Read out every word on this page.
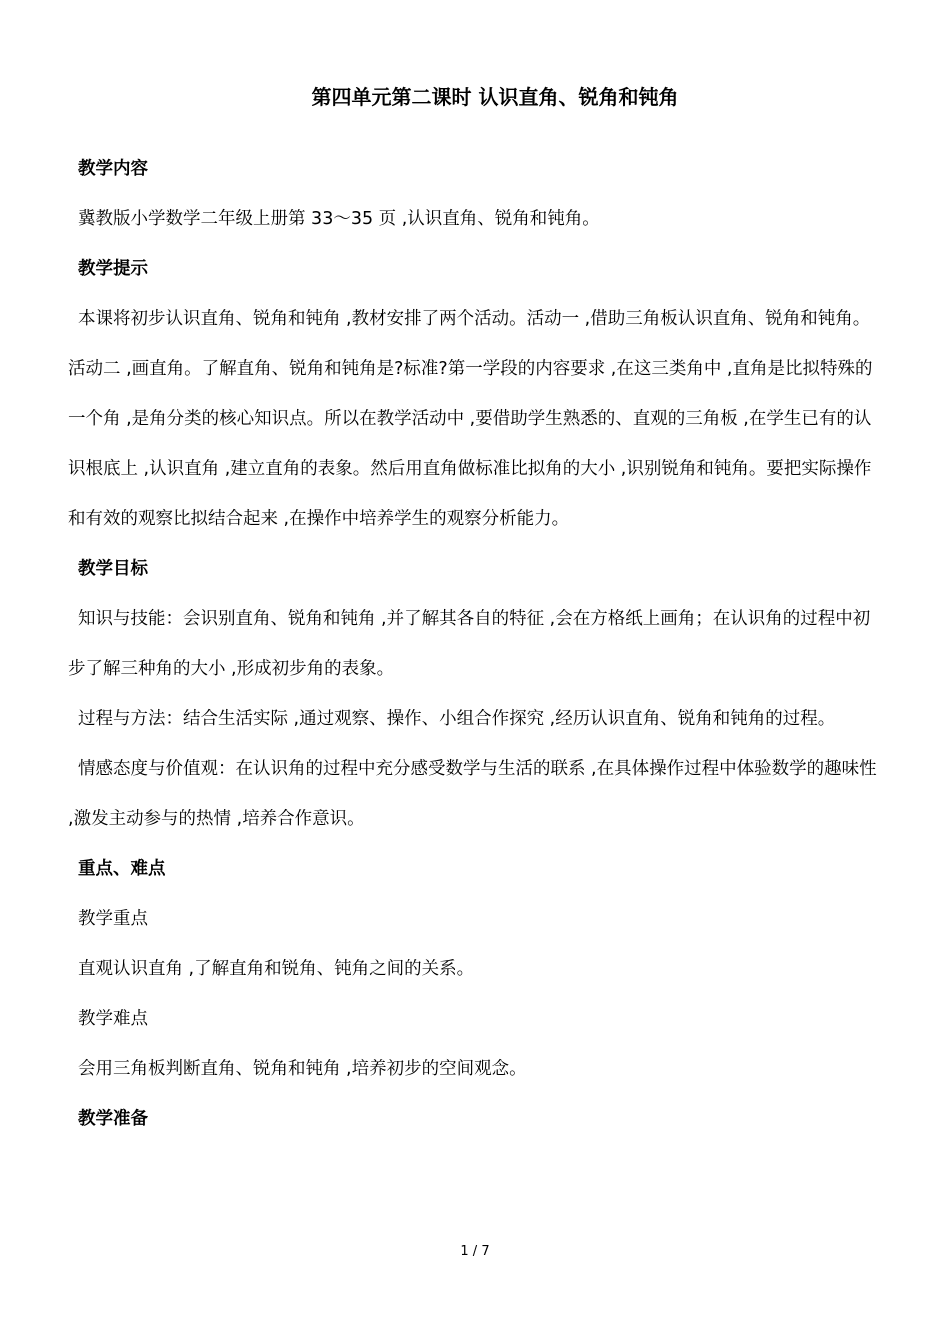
第四单元第二课时 认识直角、锐角和钝角

教学内容

冀教版小学数学二年级上册第 33～35 页 ,认识直角、锐角和钝角。

教学提示

本课将初步认识直角、锐角和钝角 ,教材安排了两个活动。活动一 ,借助三角板认识直角、锐角和钝角。活动二 ,画直角。了解直角、锐角和钝角是?标准?第一学段的内容要求 ,在这三类角中 ,直角是比拟特殊的一个角 ,是角分类的核心知识点。所以在教学活动中 ,要借助学生熟悉的、直观的三角板 ,在学生已有的认识根底上 ,认识直角 ,建立直角的表象。然后用直角做标准比拟角的大小 ,识别锐角和钝角。要把实际操作和有效的观察比拟结合起来 ,在操作中培养学生的观察分析能力。

教学目标

知识与技能：会识别直角、锐角和钝角 ,并了解其各自的特征 ,会在方格纸上画角；在认识角的过程中初步了解三种角的大小 ,形成初步角的表象。

过程与方法：结合生活实际 ,通过观察、操作、小组合作探究 ,经历认识直角、锐角和钝角的过程。

情感态度与价值观：在认识角的过程中充分感受数学与生活的联系 ,在具体操作过程中体验数学的趣味性 ,激发主动参与的热情 ,培养合作意识。

重点、难点

教学重点

直观认识直角 ,了解直角和锐角、钝角之间的关系。

教学难点

会用三角板判断直角、锐角和钝角 ,培养初步的空间观念。

教学准备

1 / 7
